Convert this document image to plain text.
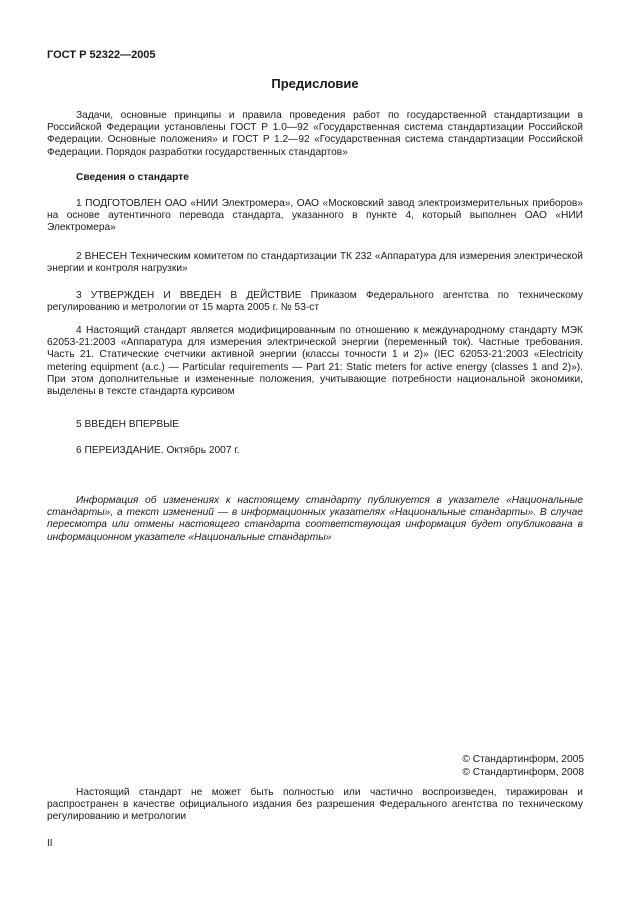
ГОСТ Р 52322—2005
Предисловие
Задачи, основные принципы и правила проведения работ по государственной стандартизации в Российской Федерации установлены ГОСТ Р 1.0—92 «Государственная система стандартизации Российской Федерации. Основные положения» и ГОСТ Р 1.2—92 «Государственная система стандартизации Российской Федерации. Порядок разработки государственных стандартов»
Сведения о стандарте
1 ПОДГОТОВЛЕН ОАО «НИИ Электромера», ОАО «Московский завод электроизмерительных приборов» на основе аутентичного перевода стандарта, указанного в пункте 4, который выполнен ОАО «НИИ Электромера»
2 ВНЕСЕН Техническим комитетом по стандартизации ТК 232 «Аппаратура для измерения электрической энергии и контроля нагрузки»
3 УТВЕРЖДЕН И ВВЕДЕН В ДЕЙСТВИЕ Приказом Федерального агентства по техническому регулированию и метрологии от 15 марта 2005 г. № 53-ст
4 Настоящий стандарт является модифицированным по отношению к международному стандарту МЭК 62053-21:2003 «Аппаратура для измерения электрической энергии (переменный ток). Частные требования. Часть 21. Статические счетчики активной энергии (классы точности 1 и 2)» (IEC 62053-21:2003 «Electricity metering equipment (a.c.) — Particular requirements — Part 21: Static meters for active energy (classes 1 and 2)»). При этом дополнительные и измененные положения, учитывающие потребности национальной экономики, выделены в тексте стандарта курсивом
5 ВВЕДЕН ВПЕРВЫЕ
6 ПЕРЕИЗДАНИЕ. Октябрь 2007 г.
Информация об изменениях к настоящему стандарту публикуется в указателе «Национальные стандарты», а текст изменений — в информационных указателях «Национальные стандарты». В случае пересмотра или отмены настоящего стандарта соответствующая информация будет опубликована в информационном указателе «Национальные стандарты»
© Стандартинформ, 2005
© Стандартинформ, 2008
Настоящий стандарт не может быть полностью или частично воспроизведен, тиражирован и распространен в качестве официального издания без разрешения Федерального агентства по техническому регулированию и метрологии
II
